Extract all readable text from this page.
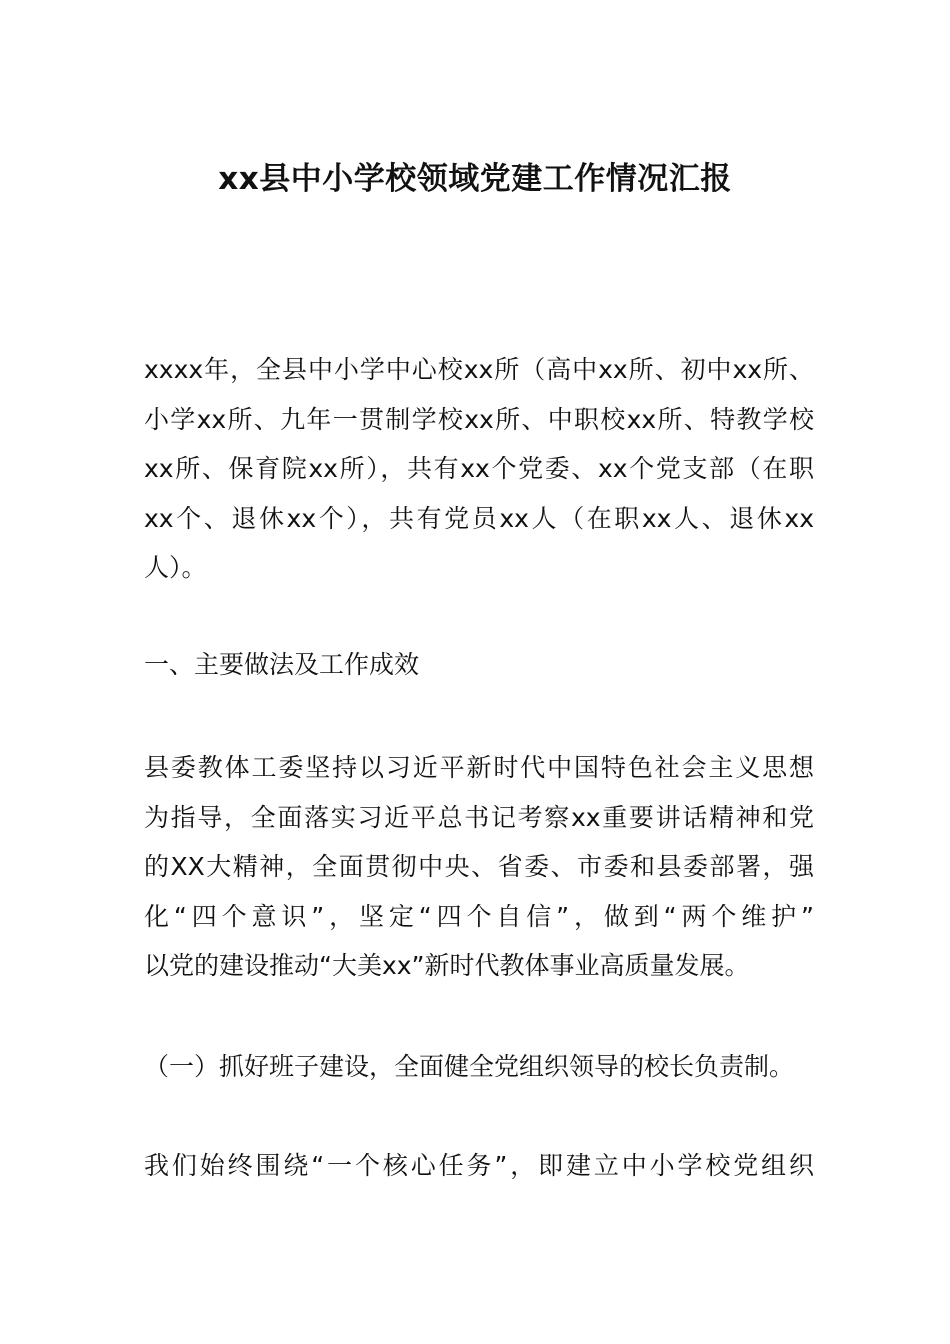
xx县中小学校领域党建工作情况汇报
xxxx年，全县中小学中心校xx所（高中xx所、初中xx所、
小学xx所、九年一贯制学校xx所、中职校xx所、特教学校
xx所、保育院xx所），共有xx个党委、xx个党支部（在职
xx个、退休xx个），共有党员xx人（在职xx人、退休xx
人）。
一、主要做法及工作成效
县委教体工委坚持以习近平新时代中国特色社会主义思想
为指导，全面落实习近平总书记考察xx重要讲话精神和党
的XX大精神，全面贯彻中央、省委、市委和县委部署，强
化“四个意识”，坚定“四个自信”，做到“两个维护”
以党的建设推动“大美xx”新时代教体事业高质量发展。
（一）抓好班子建设，全面健全党组织领导的校长负责制。
我们始终围绕“一个核心任务”，即建立中小学校党组织
